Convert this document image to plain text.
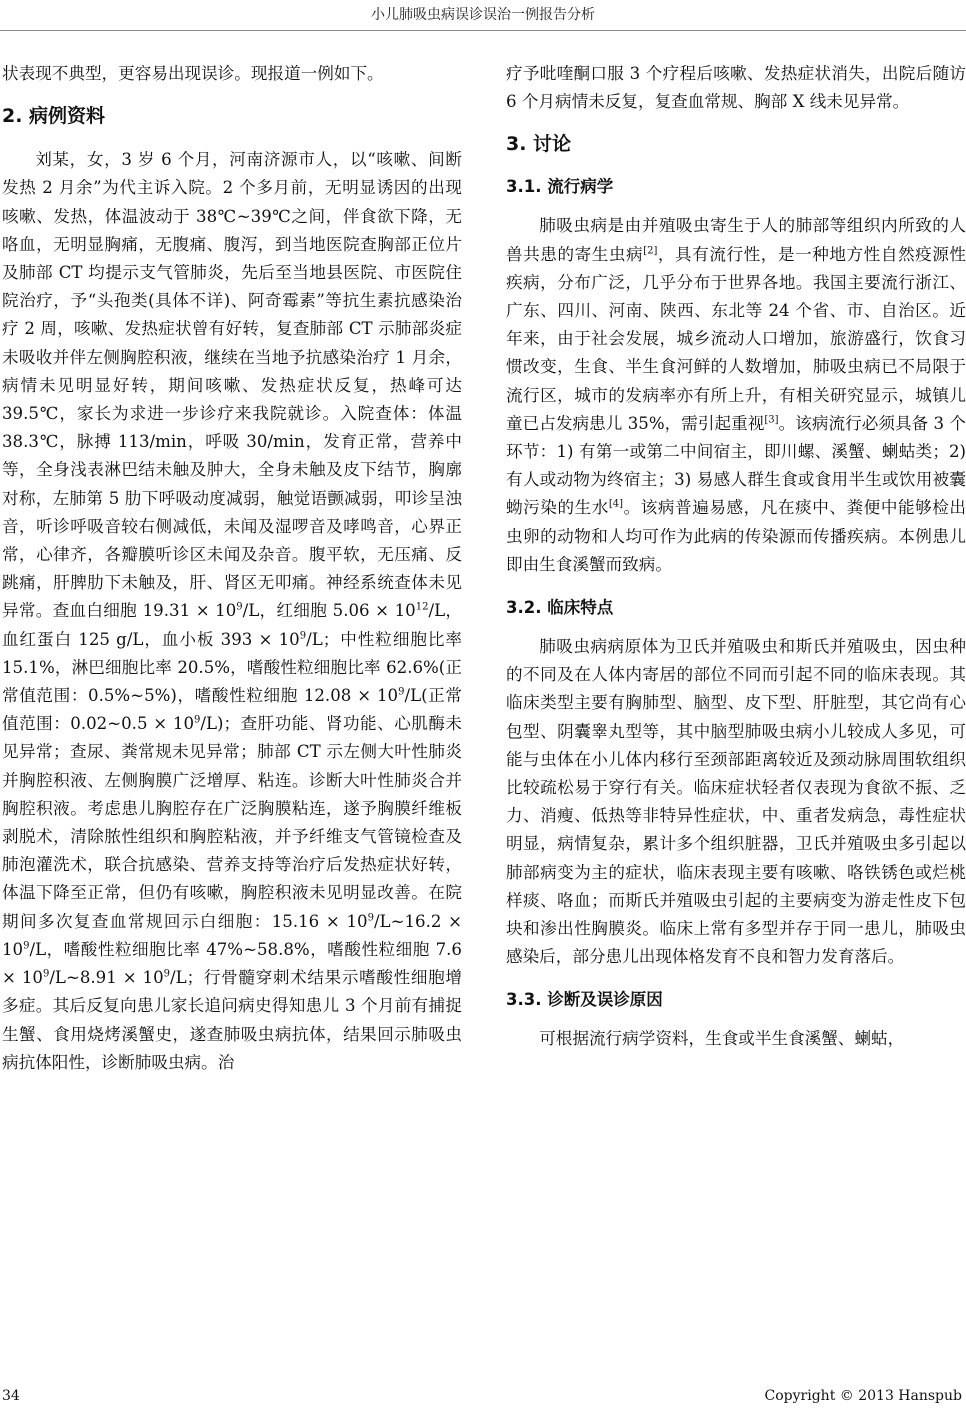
小儿肺吸虫病误诊误治一例报告分析

状表现不典型，更容易出现误诊。现报道一例如下。

2. 病例资料

刘某，女，3 岁 6 个月，河南济源市人，以“咳嗽、间断发热 2 月余”为代主诉入院。2 个多月前，无明显诱因的出现咳嗽、发热，体温波动于 38℃~39℃之间，伴食欲下降，无咯血，无明显胸痛，无腹痛、腹泻，到当地医院查胸部正位片及肺部 CT 均提示支气管肺炎，先后至当地县医院、市医院住院治疗，予“头孢类(具体不详)、阿奇霉素”等抗生素抗感染治疗 2 周，咳嗽、发热症状曾有好转，复查肺部 CT 示肺部炎症未吸收并伴左侧胸腔积液，继续在当地予抗感染治疗 1 月余，病情未见明显好转，期间咳嗽、发热症状反复，热峰可达 39.5℃，家长为求进一步诊疗来我院就诊。入院查体：体温 38.3℃，脉搏 113/min，呼吸 30/min，发育正常，营养中等，全身浅表淋巴结未触及肿大，全身未触及皮下结节，胸廓对称，左肺第 5 肋下呼吸动度减弱，触觉语颤减弱，叩诊呈浊音，听诊呼吸音较右侧减低，未闻及湿啰音及哮鸣音，心界正常，心律齐，各瓣膜听诊区未闻及杂音。腹平软，无压痛、反跳痛，肝脾肋下未触及，肝、肾区无叩痛。神经系统查体未见异常。查血白细胞 $19.31 \times 10^9/L$，红细胞 $5.06 \times 10^{12}/L$，血红蛋白 125 g/L，血小板 $393 \times 10^9/L$；中性粒细胞比率 15.1%，淋巴细胞比率 20.5%，嗜酸性粒细胞比率 62.6%(正常值范围：0.5%~5%)，嗜酸性粒细胞 $12.08 \times 10^9/L$(正常值范围：0.02~0.5 × $10^9/L$)；查肝功能、肾功能、心肌酶未见异常；查尿、粪常规未见异常；肺部 CT 示左侧大叶性肺炎并胸腔积液、左侧胸膜广泛增厚、粘连。诊断大叶性肺炎合并胸腔积液。考虑患儿胸腔存在广泛胸膜粘连，遂予胸膜纤维板剥脱术，清除脓性组织和胸腔粘液，并予纤维支气管镜检查及肺泡灌洗术，联合抗感染、营养支持等治疗后发热症状好转，体温下降至正常，但仍有咳嗽，胸腔积液未见明显改善。在院期间多次复查血常规回示白细胞：$15.16 \times 10^9/L\sim 16.2 \times 10^9/L$，嗜酸性粒细胞比率 47%~58.8%，嗜酸性粒细胞 $7.6 \times 10^9/L\sim 8.91 \times 10^9/L$；行骨髓穿刺术结果示嗜酸性细胞增多症。其后反复向患儿家长追问病史得知患儿 3 个月前有捕捉生蟹、食用烧烤溪蟹史，遂查肺吸虫病抗体，结果回示肺吸虫病抗体阳性，诊断肺吸虫病。治

疗予吡喹酮口服 3 个疗程后咳嗽、发热症状消失，出院后随访 6 个月病情未反复，复查血常规、胸部 X 线未见异常。

3. 讨论
3.1. 流行病学

肺吸虫病是由并殖吸虫寄生于人的肺部等组织内所致的人兽共患的寄生虫病[2]，具有流行性，是一种地方性自然疫源性疾病，分布广泛，几乎分布于世界各地。我国主要流行浙江、广东、四川、河南、陕西、东北等 24 个省、市、自治区。近年来，由于社会发展，城乡流动人口增加，旅游盛行，饮食习惯改变，生食、半生食河鲜的人数增加，肺吸虫病已不局限于流行区，城市的发病率亦有所上升，有相关研究显示，城镇儿童已占发病患儿 35%，需引起重视[3]。该病流行必须具备 3 个环节：1) 有第一或第二中间宿主，即川螺、溪蟹、蝲蛄类；2) 有人或动物为终宿主；3) 易感人群生食或食用半生或饮用被囊蚴污染的生水[4]。该病普遍易感，凡在痰中、粪便中能够检出虫卵的动物和人均可作为此病的传染源而传播疾病。本例患儿即由生食溪蟹而致病。

3.2. 临床特点

肺吸虫病病原体为卫氏并殖吸虫和斯氏并殖吸虫，因虫种的不同及在人体内寄居的部位不同而引起不同的临床表现。其临床类型主要有胸肺型、脑型、皮下型、肝脏型，其它尚有心包型、阴囊睾丸型等，其中脑型肺吸虫病小儿较成人多见，可能与虫体在小儿体内移行至颈部距离较近及颈动脉周围软组织比较疏松易于穿行有关。临床症状轻者仅表现为食欲不振、乏力、消瘦、低热等非特异性症状，中、重者发病急，毒性症状明显，病情复杂，累计多个组织脏器，卫氏并殖吸虫多引起以肺部病变为主的症状，临床表现主要有咳嗽、咯铁锈色或烂桃样痰、咯血；而斯氏并殖吸虫引起的主要病变为游走性皮下包块和渗出性胸膜炎。临床上常有多型并存于同一患儿，肺吸虫感染后，部分患儿出现体格发育不良和智力发育落后。

3.3. 诊断及误诊原因

可根据流行病学资料，生食或半生食溪蟹、蝲蛄，

34	Copyright © 2013 Hanspub
